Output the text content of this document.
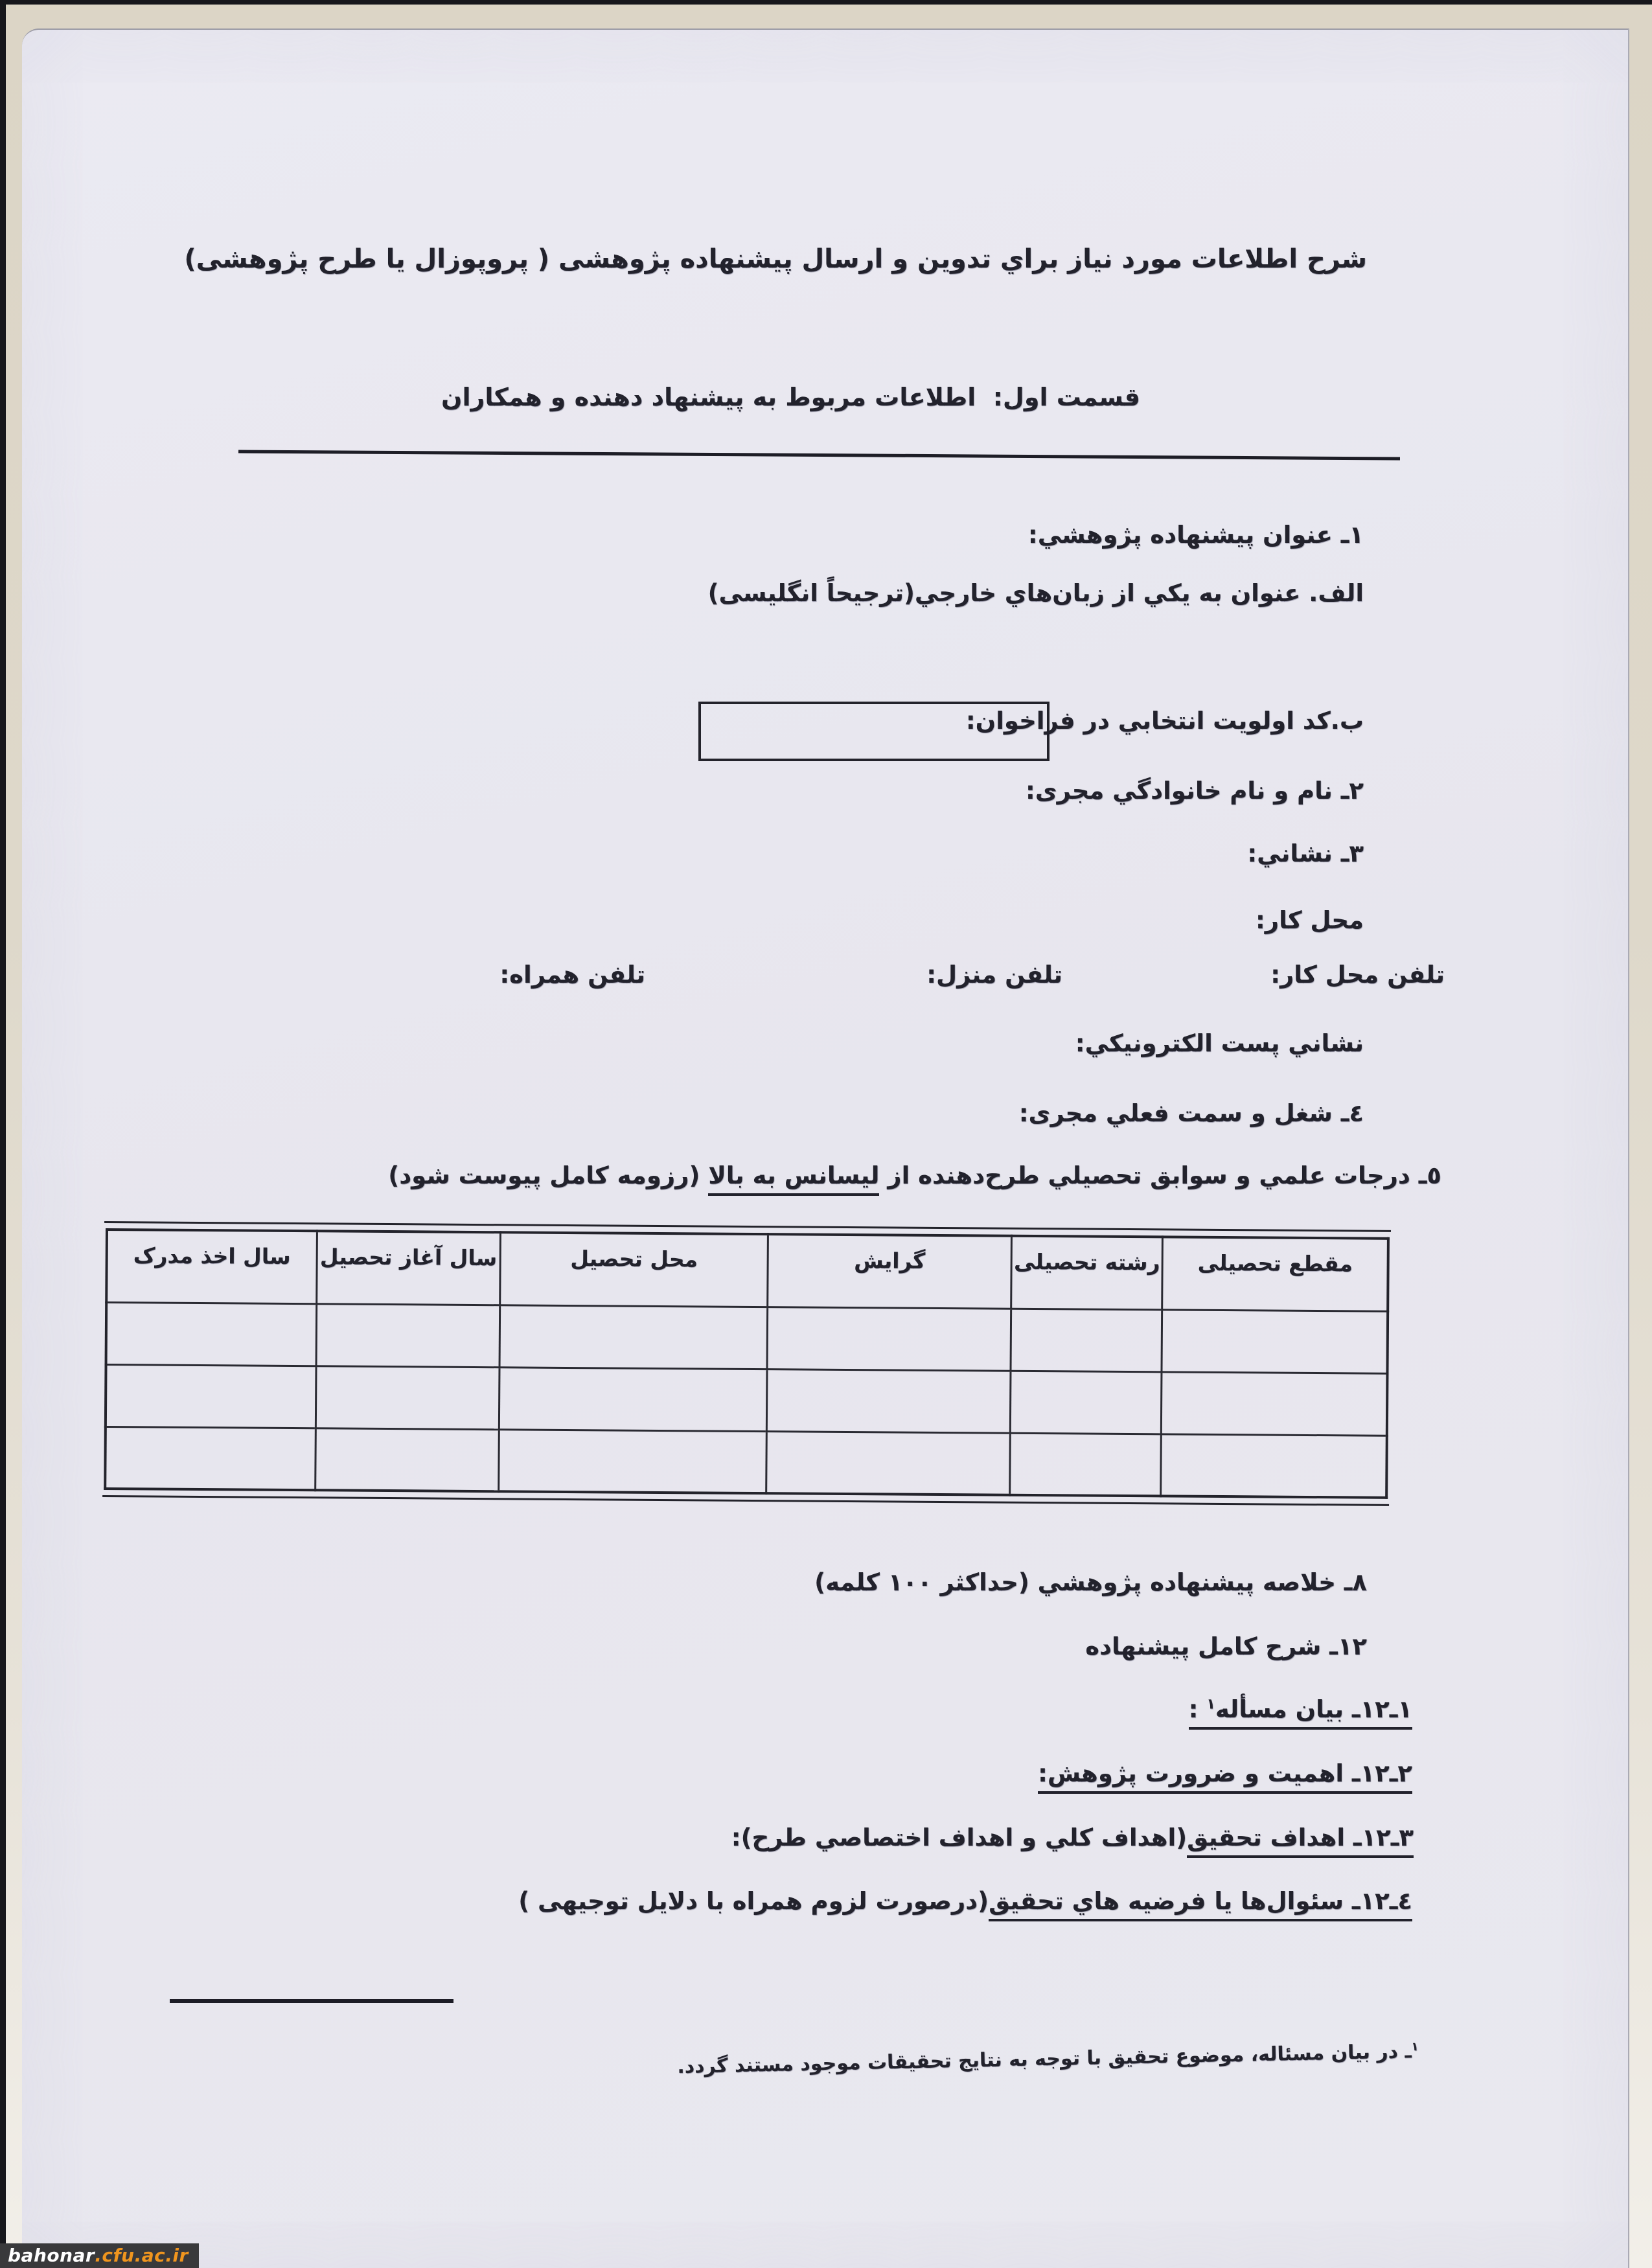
شرح اطلاعات مورد نياز براي تدوين و ارسال پيشنهاده پژوهشی ( پروپوزال يا طرح پژوهشی)
قسمت اول:  اطلاعات مربوط به پيشنهاد دهنده و همكاران
١ـ عنوان پيشنهاده پژوهشي:
الف. عنوان به يكي از زبان‌هاي خارجي(ترجيحاً انگليسی)
ب.كد اولويت انتخابي در فراخوان:
٢ـ نام و نام خانوادگي مجری:
٣ـ نشاني:
محل كار:
تلفن محل كار:
تلفن منزل:
تلفن همراه:
نشاني پست الكترونيكي:
٤ـ شغل و سمت فعلي مجری:
٥ـ درجات علمي و سوابق تحصيلي طرح‌دهنده از ليسانس به بالا (رزومه كامل پيوست شود)
مقطع تحصیلی	رشته تحصیلی	گرایش	محل تحصیل	سال آغاز تحصیل	سال اخذ مدرک

٨ـ خلاصه پيشنهاده پژوهشي (حداكثر ١٠٠ كلمه)
١٢ـ شرح كامل پيشنهاده
١ـ١٢ـ بيان مسأله$^١$ :
٢ـ١٢ـ اهميت و ضرورت پژوهش:
٣ـ١٢ـ اهداف تحقيق(اهداف كلي و اهداف اختصاصي طرح):
٤ـ١٢ـ سئوال‌ها يا فرضيه هاي تحقيق(درصورت لزوم همراه با دلايل توجيهی )
$^١$ـ در بيان مسئاله، موضوع تحقيق با توجه به نتايج تحقيقات موجود مستند گردد.
bahonar .cfu.ac.ir
